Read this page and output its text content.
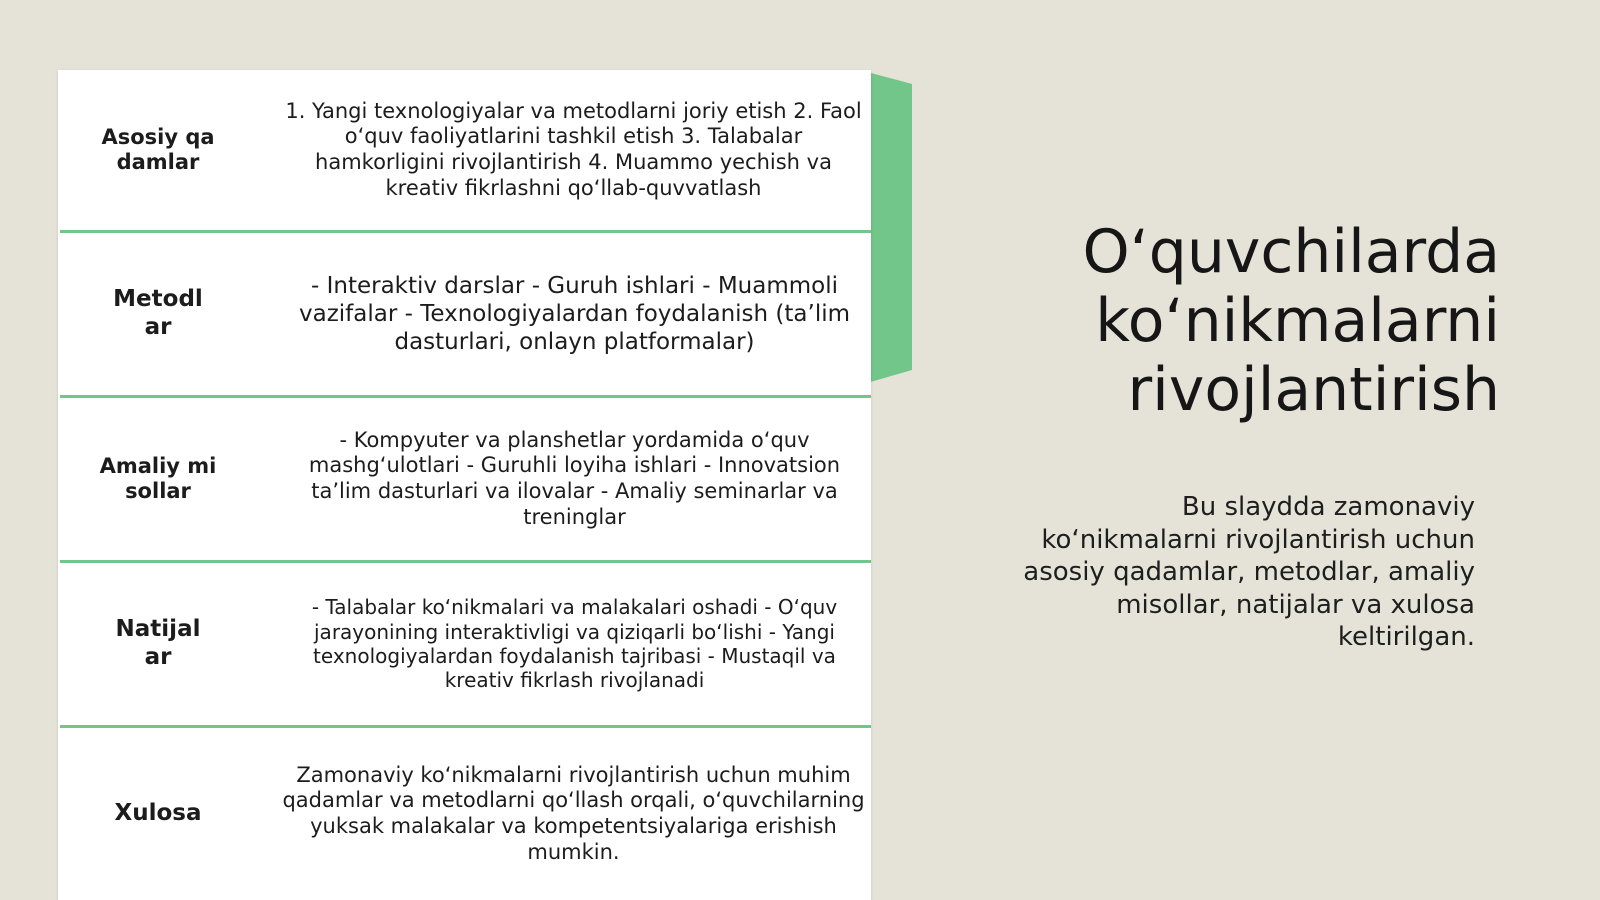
Asosiy qadamlar
1. Yangi texnologiyalar va metodlarni joriy etish 2. Faol o‘quv faoliyatlarini tashkil etish 3. Talabalar hamkorligini rivojlantirish 4. Muammo yechish va kreativ fikrlashni qo‘llab-quvvatlash
Metodlar
- Interaktiv darslar - Guruh ishlari - Muammoli vazifalar - Texnologiyalardan foydalanish (ta’lim dasturlari, onlayn platformalar)
Amaliy misollar
- Kompyuter va planshetlar yordamida o‘quv mashg‘ulotlari - Guruhli loyiha ishlari - Innovatsion ta’lim dasturlari va ilovalar - Amaliy seminarlar va treninglar
Natijalar
- Talabalar ko‘nikmalari va malakalari oshadi - O‘quv jarayonining interaktivligi va qiziqarli bo‘lishi - Yangi texnologiyalardan foydalanish tajribasi - Mustaqil va kreativ fikrlash rivojlanadi
Xulosa
Zamonaviy ko‘nikmalarni rivojlantirish uchun muhim qadamlar va metodlarni qo‘llash orqali, o‘quvchilarning yuksak malakalar va kompetentsiyalariga erishish mumkin.
O‘quvchilarda ko‘nikmalarni rivojlantirish

Bu slaydda zamonaviy ko‘nikmalarni rivojlantirish uchun asosiy qadamlar, metodlar, amaliy misollar, natijalar va xulosa keltirilgan.
